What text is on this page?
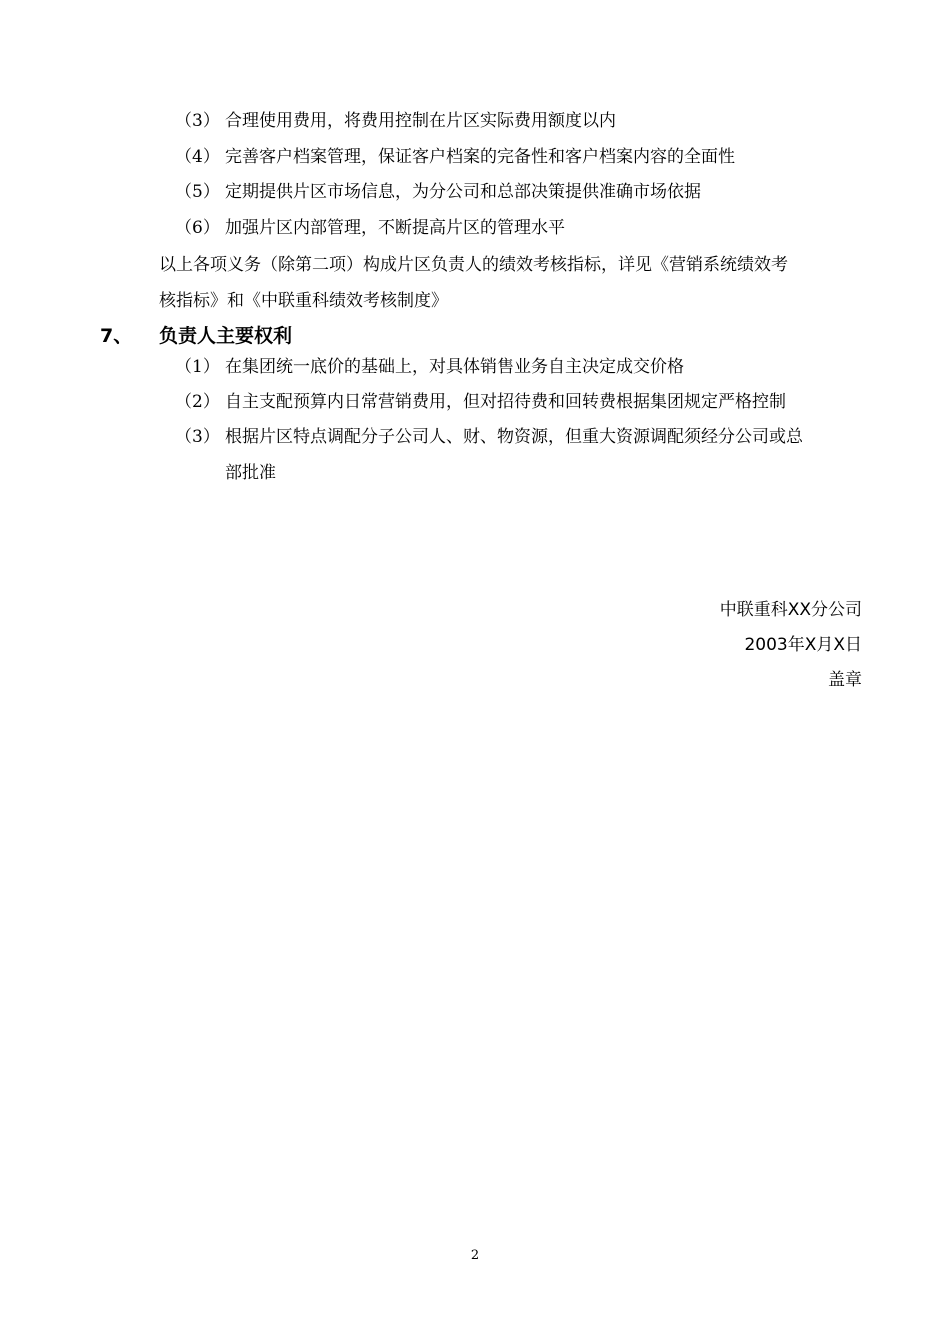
（3） 合理使用费用，将费用控制在片区实际费用额度以内
（4） 完善客户档案管理，保证客户档案的完备性和客户档案内容的全面性
（5） 定期提供片区市场信息，为分公司和总部决策提供准确市场依据
（6） 加强片区内部管理，不断提高片区的管理水平
以上各项义务（除第二项）构成片区负责人的绩效考核指标，详见《营销系统绩效考
核指标》和《中联重科绩效考核制度》
7、 负责人主要权利
（1） 在集团统一底价的基础上，对具体销售业务自主决定成交价格
（2） 自主支配预算内日常营销费用，但对招待费和回转费根据集团规定严格控制
（3） 根据片区特点调配分子公司人、财、物资源，但重大资源调配须经分公司或总
部批准
中联重科XX分公司
2003年X月X日
盖章
2
